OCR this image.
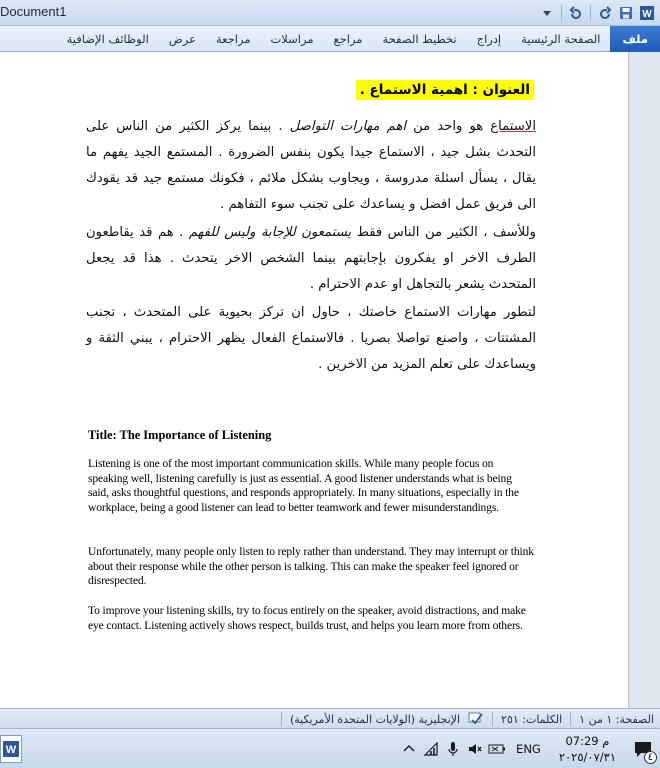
Document1	W
ملف
الصفحة الرئيسية
إدراج
تخطيط الصفحة
مراجع
مراسلات
مراجعة
عرض
الوظائف الإضافية
العنوان : اهمية الاستماع .

الاستماع هو واحد من اهم مهارات التواصل . بينما يركز الكثير من الناس على التحدث بشل جيد ، الاستماع جيدا يكون بنفس الضرورة . المستمع الجيد يفهم ما يقال ، يسأل اسئلة مدروسة ، ويجاوب بشكل ملائم ، فكونك مستمع جيد قد يقودك الى فريق عمل افضل و يساعدك على تجنب سوء التفاهم .

وللأسف ، الكثير من الناس فقط يستمعون للإجابة وليس للفهم . هم قد يقاطعون الطرف الاخر او يفكرون بإجابتهم بينما الشخص الاخر يتحدث . هذا قد يجعل المتحدث يشعر بالتجاهل او عدم الاحترام .

لتطور مهارات الاستماع خاصتك ، حاول ان تركز بحيوية على المتحدث ، تجنب المشتتات ، واصنع تواصلا بصريا . فالاستماع الفعال يظهر الاحترام ، يبني الثقة و ويساعدك على تعلم المزيد من الاخرين .

Title: The Importance of Listening

Listening is one of the most important communication skills. While many people focus on speaking well, listening carefully is just as essential. A good listener understands what is being said, asks thoughtful questions, and responds appropriately. In many situations, especially in the workplace, being a good listener can lead to better teamwork and fewer misunderstandings.

Unfortunately, many people only listen to reply rather than understand. They may interrupt or think about their response while the other person is talking. This can make the speaker feel ignored or disrespected.

To improve your listening skills, try to focus entirely on the speaker, avoid distractions, and make eye contact. Listening actively shows respect, builds trust, and helps you learn more from others.

الصفحة: ١ من ١
الكلمات: ٢٥١
الإنجليزية (الولايات المتحدة الأمريكية)
W
٤
م 07:29
٢٠٢٥/٠٧/٣١
ENG
